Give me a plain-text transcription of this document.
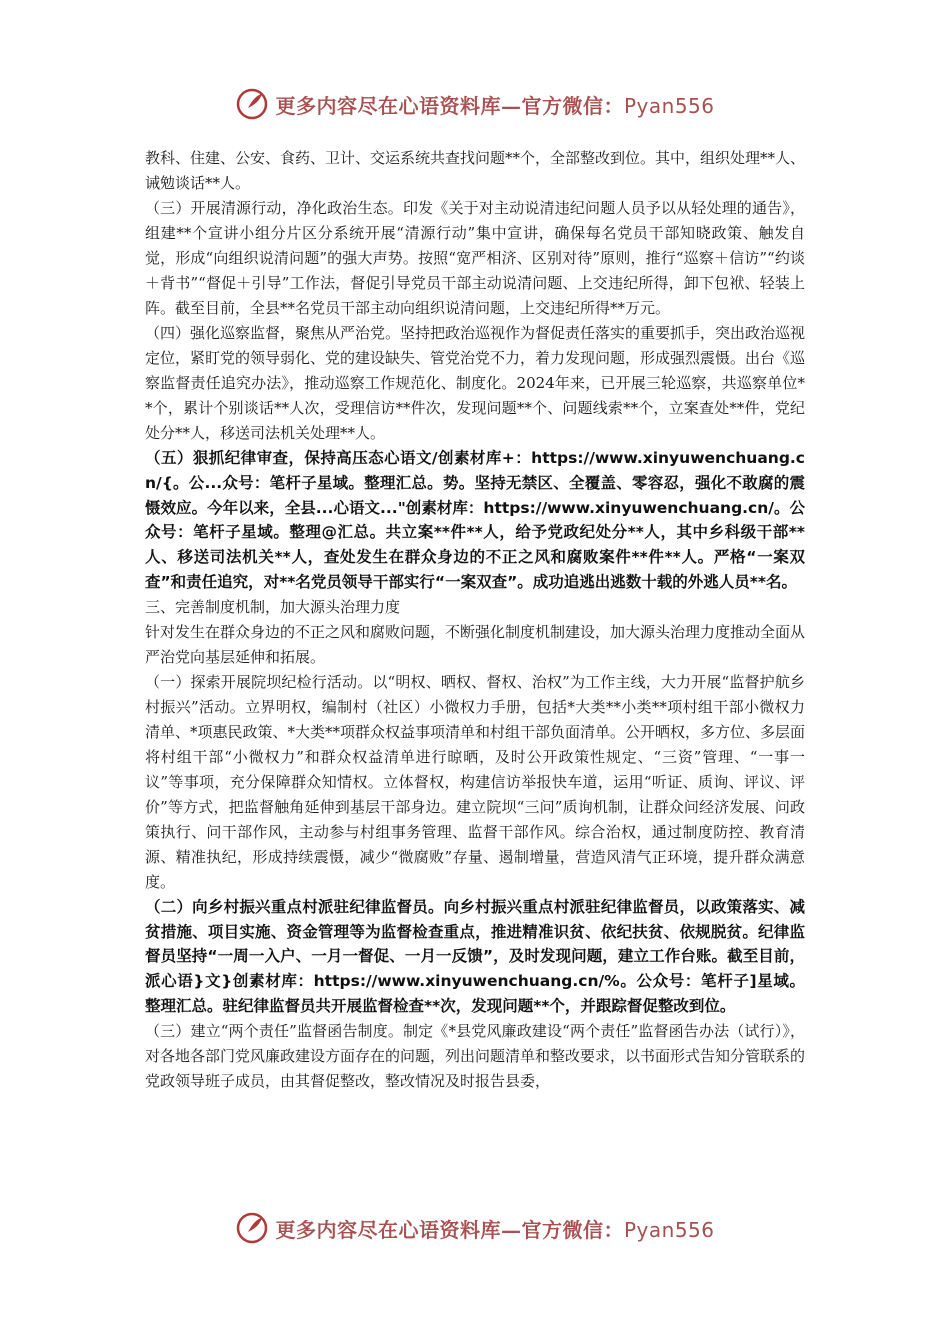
更多内容尽在心语资料库—官方微信：Pyan556

教科、住建、公安、食药、卫计、交运系统共查找问题**个，全部整改到位。其中，组织处理**人、诫勉谈话**人。

（三）开展清源行动，净化政治生态。印发《关于对主动说清违纪问题人员予以从轻处理的通告》，组建**个宣讲小组分片区分系统开展“清源行动”集中宣讲，确保每名党员干部知晓政策、触发自觉，形成“向组织说清问题”的强大声势。按照“宽严相济、区别对待”原则，推行“巡察＋信访”“约谈＋背书”“督促＋引导”工作法，督促引导党员干部主动说清问题、上交违纪所得，卸下包袱、轻装上阵。截至目前，全县**名党员干部主动向组织说清问题，上交违纪所得**万元。

（四）强化巡察监督，聚焦从严治党。坚持把政治巡视作为督促责任落实的重要抓手，突出政治巡视定位，紧盯党的领导弱化、党的建设缺失、管党治党不力，着力发现问题，形成强烈震慑。出台《巡察监督责任追究办法》，推动巡察工作规范化、制度化。2024年来，已开展三轮巡察，共巡察单位**个，累计个别谈话**人次，受理信访**件次，发现问题**个、问题线索**个，立案查处**件，党纪处分**人，移送司法机关处理**人。

（五）狠抓纪律审查，保持高压态心语文/创素材库+：https://www.xinyuwenchuang.cn/{。公...众号：笔杆子星域。整理汇总。势。坚持无禁区、全覆盖、零容忍，强化不敢腐的震慑效应。今年以来，全县...心语文..."创素材库：https://www.xinyuwenchuang.cn/。公众号：笔杆子星域。整理@汇总。共立案**件**人，给予党政纪处分**人，其中乡科级干部**人、移送司法机关**人，查处发生在群众身边的不正之风和腐败案件**件**人。严格“一案双查”和责任追究，对**名党员领导干部实行“一案双查”。成功追逃出逃数十载的外逃人员**名。

三、完善制度机制，加大源头治理力度

针对发生在群众身边的不正之风和腐败问题，不断强化制度机制建设，加大源头治理力度推动全面从严治党向基层延伸和拓展。

（一）探索开展院坝纪检行活动。以“明权、晒权、督权、治权”为工作主线，大力开展“监督护航乡村振兴”活动。立界明权，编制村（社区）小微权力手册，包括*大类**小类**项村组干部小微权力清单、*项惠民政策、*大类**项群众权益事项清单和村组干部负面清单。公开晒权，多方位、多层面将村组干部“小微权力”和群众权益清单进行晾晒，及时公开政策性规定、“三资”管理、“一事一议”等事项，充分保障群众知情权。立体督权，构建信访举报快车道，运用“听证、质询、评议、评价”等方式，把监督触角延伸到基层干部身边。建立院坝“三问”质询机制，让群众问经济发展、问政策执行、问干部作风，主动参与村组事务管理、监督干部作风。综合治权，通过制度防控、教育清源、精准执纪，形成持续震慑，减少“微腐败”存量、遏制增量，营造风清气正环境，提升群众满意度。

（二）向乡村振兴重点村派驻纪律监督员。向乡村振兴重点村派驻纪律监督员，以政策落实、减贫措施、项目实施、资金管理等为监督检查重点，推进精准识贫、依纪扶贫、依规脱贫。纪律监督员坚持“一周一入户、一月一督促、一月一反馈”，及时发现问题，建立工作台账。截至目前，派心语}文}创素材库：https://www.xinyuwenchuang.cn/%。公众号：笔杆子]星域。整理汇总。驻纪律监督员共开展监督检查**次，发现问题**个，并跟踪督促整改到位。

（三）建立“两个责任”监督函告制度。制定《*县党风廉政建设“两个责任”监督函告办法（试行）》，对各地各部门党风廉政建设方面存在的问题，列出问题清单和整改要求，以书面形式告知分管联系的党政领导班子成员，由其督促整改，整改情况及时报告县委，

更多内容尽在心语资料库—官方微信：Pyan556
